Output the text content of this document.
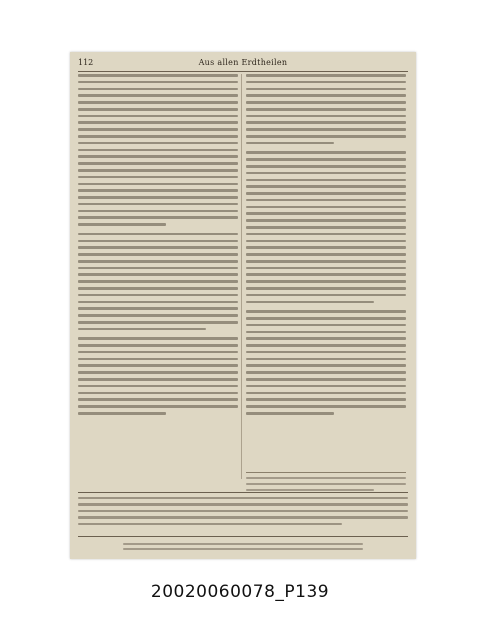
112	Aus allen Erdtheilen
20020060078_P139
